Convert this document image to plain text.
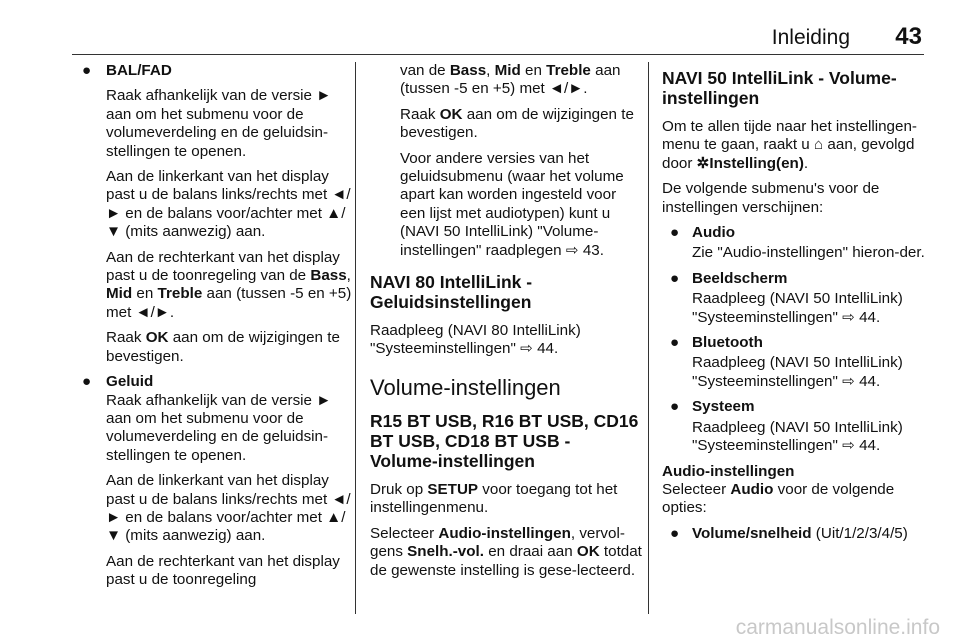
Inleiding 43
● BAL/FAD

Raak afhankelijk van de versie ► aan om het submenu voor de volumeverdeling en de geluidsin-stellingen te openen.

Aan de linkerkant van het display past u de balans links/rechts met ◄/► en de balans voor/achter met ▲/▼ (mits aanwezig) aan.

Aan de rechterkant van het display past u de toonregeling van de Bass, Mid en Treble aan (tussen -5 en +5) met ◄/►.

Raak OK aan om de wijzigingen te bevestigen.

● Geluid

Raak afhankelijk van de versie ► aan om het submenu voor de volumeverdeling en de geluidsin-stellingen te openen.

Aan de linkerkant van het display past u de balans links/rechts met ◄/► en de balans voor/achter met ▲/▼ (mits aanwezig) aan.

Aan de rechterkant van het display past u de toonregeling

van de Bass, Mid en Treble aan (tussen -5 en +5) met ◄/►.

Raak OK aan om de wijzigingen te bevestigen.

Voor andere versies van het geluidsubmenu (waar het volume apart kan worden ingesteld voor een lijst met audiotypen) kunt u (NAVI 50 IntelliLink) "Volume-instellingen" raadplegen ⇨ 43.

NAVI 80 IntelliLink - Geluidsinstellingen

Raadpleeg (NAVI 80 IntelliLink) "Systeeminstellingen" ⇨ 44.

Volume-instellingen
R15 BT USB, R16 BT USB, CD16 BT USB, CD18 BT USB - Volume-instellingen

Druk op SETUP voor toegang tot het instellingenmenu.

Selecteer Audio-instellingen, vervol-gens Snelh.-vol. en draai aan OK totdat de gewenste instelling is gese-lecteerd.

NAVI 50 IntelliLink - Volume-instellingen

Om te allen tijde naar het instellingen-menu te gaan, raakt u ⌂ aan, gevolgd door ✲Instelling(en).

De volgende submenu's voor de instellingen verschijnen:

● Audio

Zie "Audio-instellingen" hieron-der.

● Beeldscherm

Raadpleeg (NAVI 50 IntelliLink) "Systeeminstellingen" ⇨ 44.

● Bluetooth

Raadpleeg (NAVI 50 IntelliLink) "Systeeminstellingen" ⇨ 44.

● Systeem

Raadpleeg (NAVI 50 IntelliLink) "Systeeminstellingen" ⇨ 44.

Audio-instellingen

Selecteer Audio voor de volgende opties:

● Volume/snelheid (Uit/1/2/3/4/5)

carmanualsonline.info
